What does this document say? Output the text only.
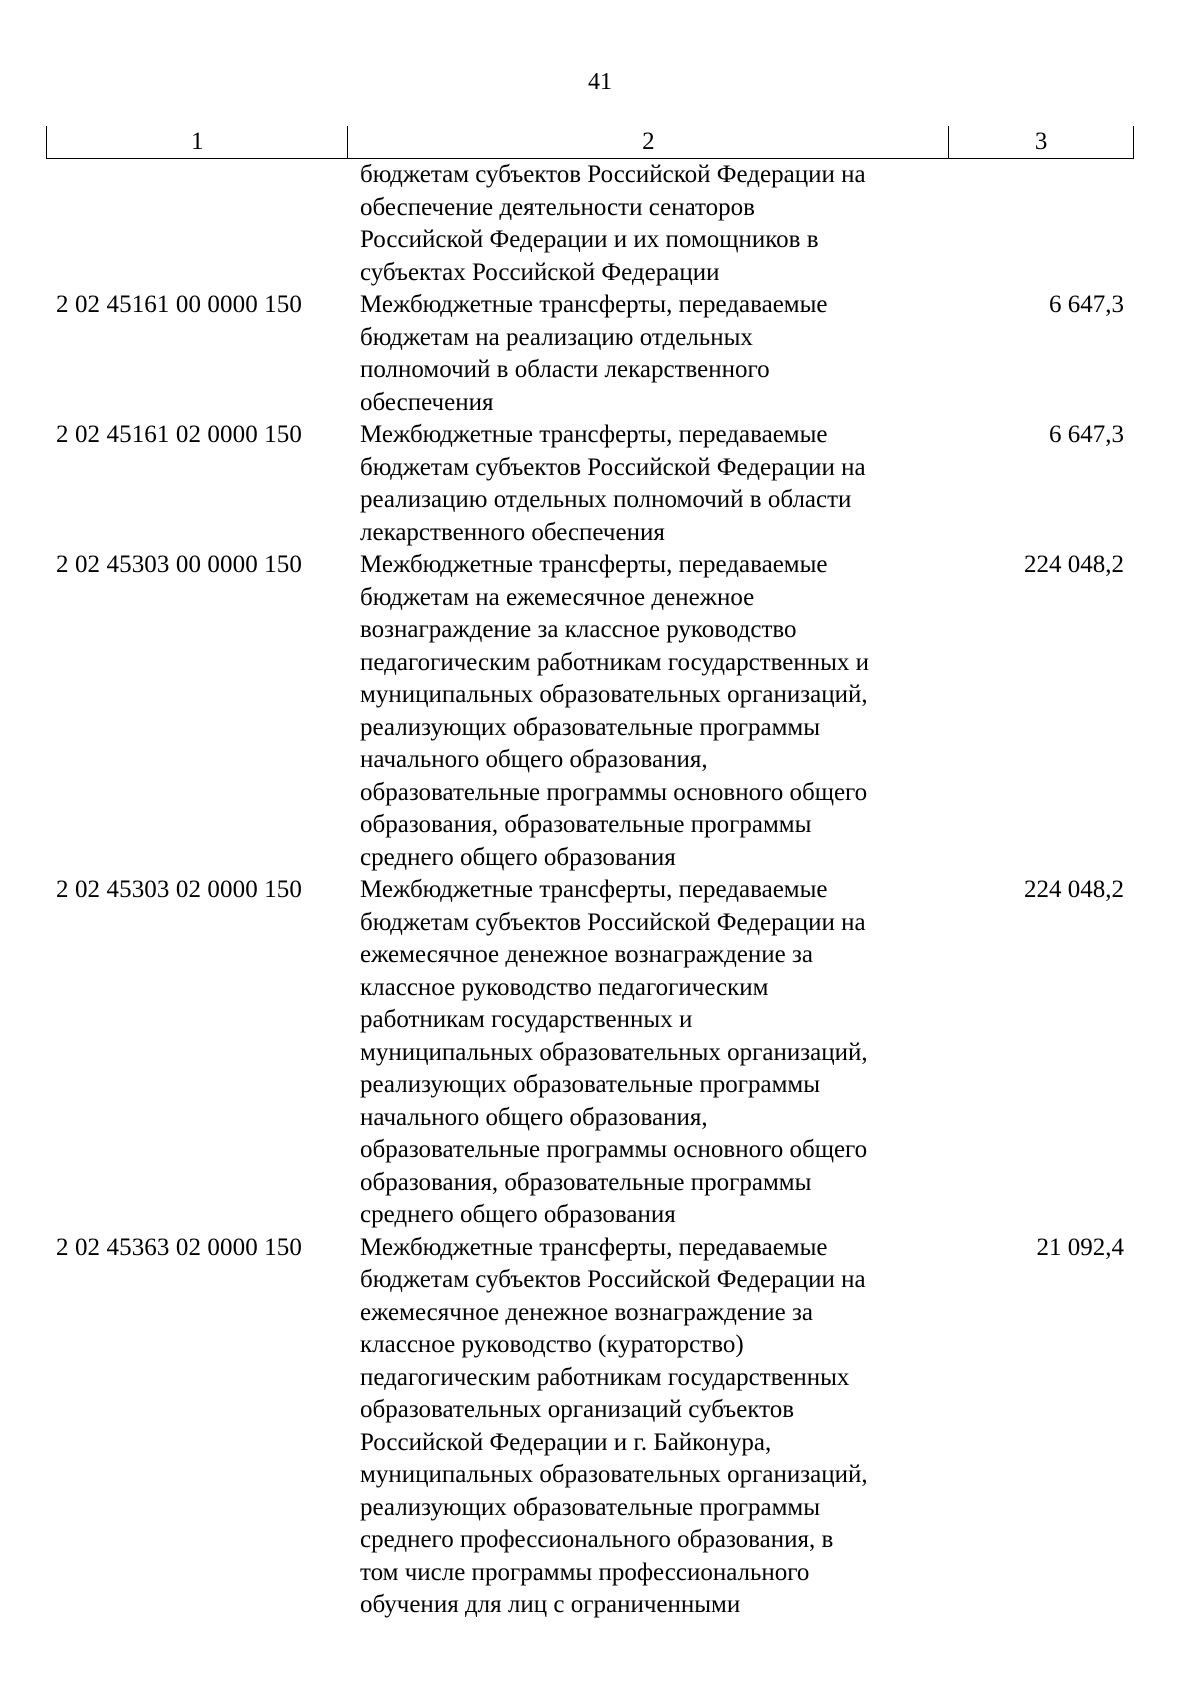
41
1	2	3
бюджетам субъектов Российской Федерации на
обеспечение деятельности сенаторов
Российской Федерации и их помощников в
субъектах Российской Федерации
2 02 45161 00 0000 150	Межбюджетные трансферты, передаваемые
бюджетам на реализацию отдельных
полномочий в области лекарственного
обеспечения
6 647,3
2 02 45161 02 0000 150	Межбюджетные трансферты, передаваемые
бюджетам субъектов Российской Федерации на
реализацию отдельных полномочий в области
лекарственного обеспечения
6 647,3
2 02 45303 00 0000 150	Межбюджетные трансферты, передаваемые
бюджетам на ежемесячное денежное
вознаграждение за классное руководство
педагогическим работникам государственных и
муниципальных образовательных организаций,
реализующих образовательные программы
начального общего образования,
образовательные программы основного общего
образования, образовательные программы
среднего общего образования
224 048,2
2 02 45303 02 0000 150	Межбюджетные трансферты, передаваемые
бюджетам субъектов Российской Федерации на
ежемесячное денежное вознаграждение за
классное руководство педагогическим
работникам государственных и
муниципальных образовательных организаций,
реализующих образовательные программы
начального общего образования,
образовательные программы основного общего
образования, образовательные программы
среднего общего образования
224 048,2
2 02 45363 02 0000 150	Межбюджетные трансферты, передаваемые
бюджетам субъектов Российской Федерации на
ежемесячное денежное вознаграждение за
классное руководство (кураторство)
педагогическим работникам государственных
образовательных организаций субъектов
Российской Федерации и г. Байконура,
муниципальных образовательных организаций,
реализующих образовательные программы
среднего профессионального образования, в
том числе программы профессионального
обучения для лиц с ограниченными
21 092,4
